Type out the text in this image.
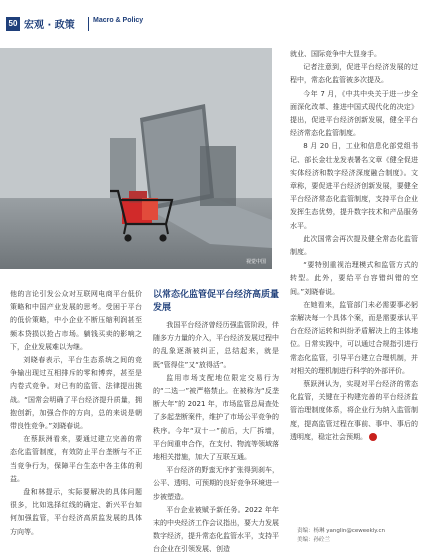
50 宏观 · 政策	Macro & Policy
视觉中国

他的言论引发公众对互联网电商平台低价策略和中国产业发展的思考。受困于平台的低价策略，中小企业不断压缩利润甚至频本贷损以抢占市场。躺钱买卖的影响之下，企业发展难以为继。

刘晓春表示，平台生态系统之间的竞争输出现过互相排斥的零和博弈，甚至是内卷式竞争。对已有的监管、法律提出挑战。“国常会明确了平台经济提升质量，拥抱创新，加强合作的方向，总的来说是朝带良性竞争。”刘晓春说。

在蔡跃洲看来，要通过建立完善的常态化监管制度，有效防止平台垄断与不正当竞争行为，保障平台生态中各主体的利益。

盘和林提示，实际要解决的具体问题很多，比如选择红线的确定、新兴平台如何加强监管，平台经济高质监发展的具体方向等。

以常态化监管促平台经济高质量发展

我国平台经济曾经历强监管阶段，伴随多方力量的介入，平台经济发展过程中的乱象逐渐被纠正，总结起来，就是既“管得住”又“放得活”。

监用市场支配地位限定交易行为的“二选一”被严格禁止。在被称为“反垄断大年”的 2021 年，市场监管总局查处了多起垄断案件，维护了市场公平竞争的秩序。今年“双十一”前后，大厂拆墙，平台间重申合作，在支付、物流等领域落地相关措施，加大了互联互通。

平台经济的野蛮无序扩张得到刹车，公平、透明、可预期的良好竞争环境进一步被塑造。

平台企业被赋予新任务。2022 年年末的中央经济工作会议指出，要大力发展数字经济，提升常态化监管水平，支持平台企业在引领发展、创造

就业、国际竞争中大显身手。

记者注意到，促进平台经济发展的过程中，常态化监管被多次提及。

今年 7 月，《中共中央关于进一步全面深化改革、推进中国式现代化的决定》提出，促进平台经济创新发展，健全平台经济常态化监管制度。

8 月 20 日，工业和信息化部党组书记、部长金壮龙发表署名文章《健全促进实体经济和数字经济深度融合制度》。文章称，要促进平台经济创新发展，要健全平台经济常态化监管制度，支持平台企业发挥生态优势，提升数字技术和产品服务水平。

此次国常会再次提及健全常态化监管制度。

“要特别重视治理模式和监管方式的转型。此外，要给平台容错纠错的空间。”刘晓春说。

在她看来，监管部门未必需要事必躬亲解决每一个具体个案，而是需要承认平台在经济运转和纠纷矛盾解决上的主体地位。日常实践中，可以通过合规指引进行常态化监管，引导平台建立合理机制，并对相关的理机制进行科学的外部评价。

蔡跃洲认为，实现对平台经济的常态化监管，关键在于构建完善的平台经济监管治理制度体系，将企业行为纳入监管制度，提高监管过程在事前、事中、事后的透明度，稳定社会预期。

责编：杨琳 yanglin@ceweekly.cn
美编：孙砼兰
